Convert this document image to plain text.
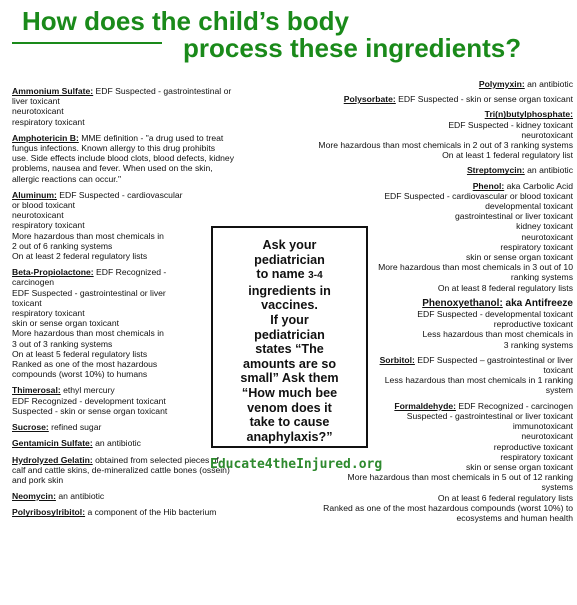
How does the child’s body
process these ingredients?
Ammonium Sulfate: EDF Suspected - gastrointestinal or
liver toxicant
neurotoxicant
respiratory toxicant
Amphotericin B: MME definition - "a drug used to treat
fungus infections. Known allergy to this drug prohibits
use. Side effects include blood clots, blood defects, kidney
problems, nausea and fever. When used on the skin,
allergic reactions can occur."
Aluminum: EDF Suspected - cardiovascular
or blood toxicant
neurotoxicant
respiratory toxicant
More hazardous than most chemicals in
2 out of 6 ranking systems
On at least 2 federal regulatory lists
Beta-Propiolactone: EDF Recognized -
carcinogen
EDF Suspected - gastrointestinal or liver
toxicant
respiratory toxicant
skin or sense organ toxicant
More hazardous than most chemicals in
3 out of 3 ranking systems
On at least 5 federal regulatory lists
Ranked as one of the most hazardous
compounds (worst 10%) to humans
Thimerosal: ethyl mercury
EDF Recognized - development toxicant
Suspected - skin or sense organ toxicant
Sucrose: refined sugar
Gentamicin Sulfate: an antibiotic
Hydrolyzed Gelatin: obtained from selected pieces of
calf and cattle skins, de-mineralized cattle bones (ossein)
and pork skin
Neomycin: an antibiotic
Polyribosylribitol: a component of the Hib bacterium
Polymyxin: an antibiotic
Polysorbate: EDF Suspected - skin or sense organ toxicant
Tri(n)butylphosphate:
EDF Suspected - kidney toxicant
neurotoxicant
More hazardous than most chemicals in 2 out of 3 ranking systems
On at least 1 federal regulatory list
Streptomycin: an antibiotic
Phenol: aka Carbolic Acid
EDF Suspected - cardiovascular or blood toxicant
developmental toxicant
gastrointestinal or liver toxicant
kidney toxicant
neurotoxicant
respiratory toxicant
skin or sense organ toxicant
More hazardous than most chemicals in 3 out of 10
ranking systems
On at least 8 federal regulatory lists
Phenoxyethanol: aka Antifreeze
EDF Suspected - developmental toxicant
reproductive toxicant
Less hazardous than most chemicals in
3 ranking systems
Sorbitol: EDF Suspected – gastrointestinal or liver
toxicant
Less hazardous than most chemicals in 1 ranking
system
Formaldehyde: EDF Recognized - carcinogen
Suspected - gastrointestinal or liver toxicant
immunotoxicant
neurotoxicant
reproductive toxicant
respiratory toxicant
skin or sense organ toxicant
More hazardous than most chemicals in 5 out of 12 ranking
systems
On at least 6 federal regulatory lists
Ranked as one of the most hazardous compounds (worst 10%) to
ecosystems and human health
Ask your
pediatrician
to name 3-4
ingredients in
vaccines.
If your
pediatrician
states “The
amounts are so
small” Ask them
“How much bee
venom does it
take to cause
anaphylaxis?”
Educate4theInjured.org
